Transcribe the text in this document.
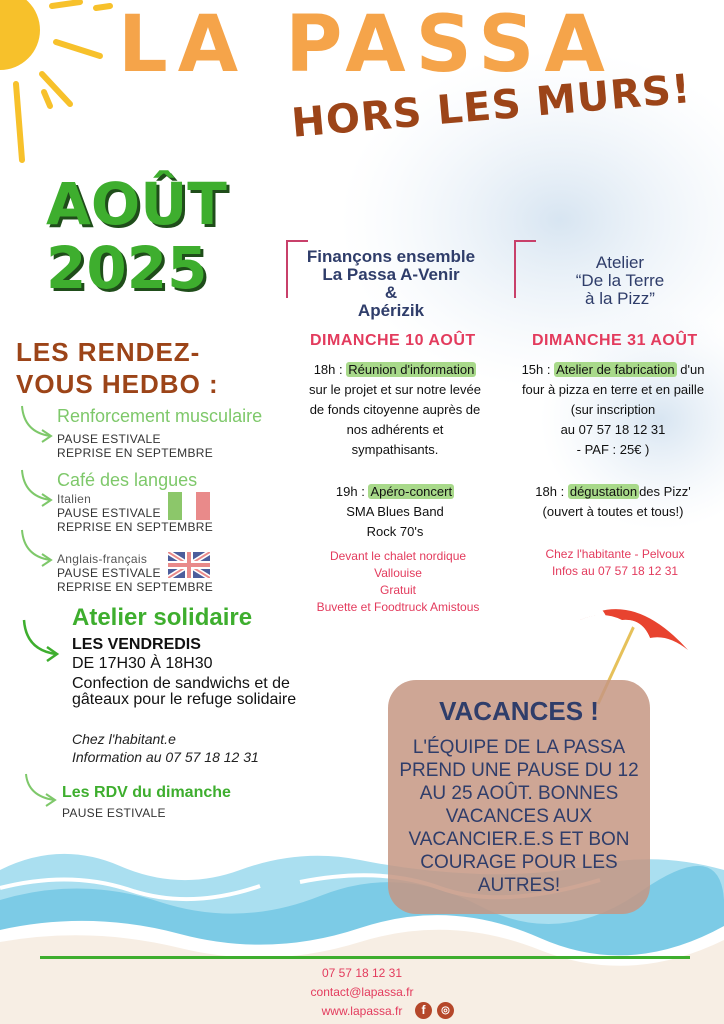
LA PASSA
HORS LES MURS!
AOÛT
2025
LES RENDEZ-
VOUS HEDBO :
Renforcement musculaire
PAUSE ESTIVALE
REPRISE EN SEPTEMBRE
Café des langues
Italien
PAUSE ESTIVALE
REPRISE EN SEPTEMBRE
Anglais-français
PAUSE ESTIVALE
REPRISE EN SEPTEMBRE
Atelier solidaire
LES VENDREDIS
DE 17H30 À 18H30
Confection de sandwichs et de gâteaux pour le refuge solidaire
Chez l'habitant.e
Information au 07 57 18 12 31
Les RDV du dimanche
PAUSE ESTIVALE
Finançons ensemble
La Passa A-Venir
&
Apérizik
DIMANCHE 10 AOÛT
18h : Réunion d'information
sur le projet et sur notre levée
de fonds citoyenne auprès de
nos adhérents et
sympathisants.
19h : Apéro-concert
SMA Blues Band
Rock 70's
Devant le chalet nordique
Vallouise
Gratuit
Buvette et Foodtruck Amistous
Atelier
“De la Terre
à la Pizz”
DIMANCHE 31 AOÛT
15h : Atelier de fabrication d'un
four à pizza en terre et en paille
(sur inscription
au 07 57 18 12 31
- PAF : 25€ )
18h : dégustation des Pizz'
(ouvert à toutes et tous!)
Chez l'habitante - Pelvoux
Infos au 07 57 18 12 31
VACANCES !
L'ÉQUIPE DE LA PASSA PREND UNE PAUSE DU 12 AU 25 AOÛT. BONNES VACANCES AUX VACANCIER.E.S ET BON COURAGE POUR LES AUTRES!
07 57 18 12 31
contact@lapassa.fr
www.lapassa.fr	f	◎
